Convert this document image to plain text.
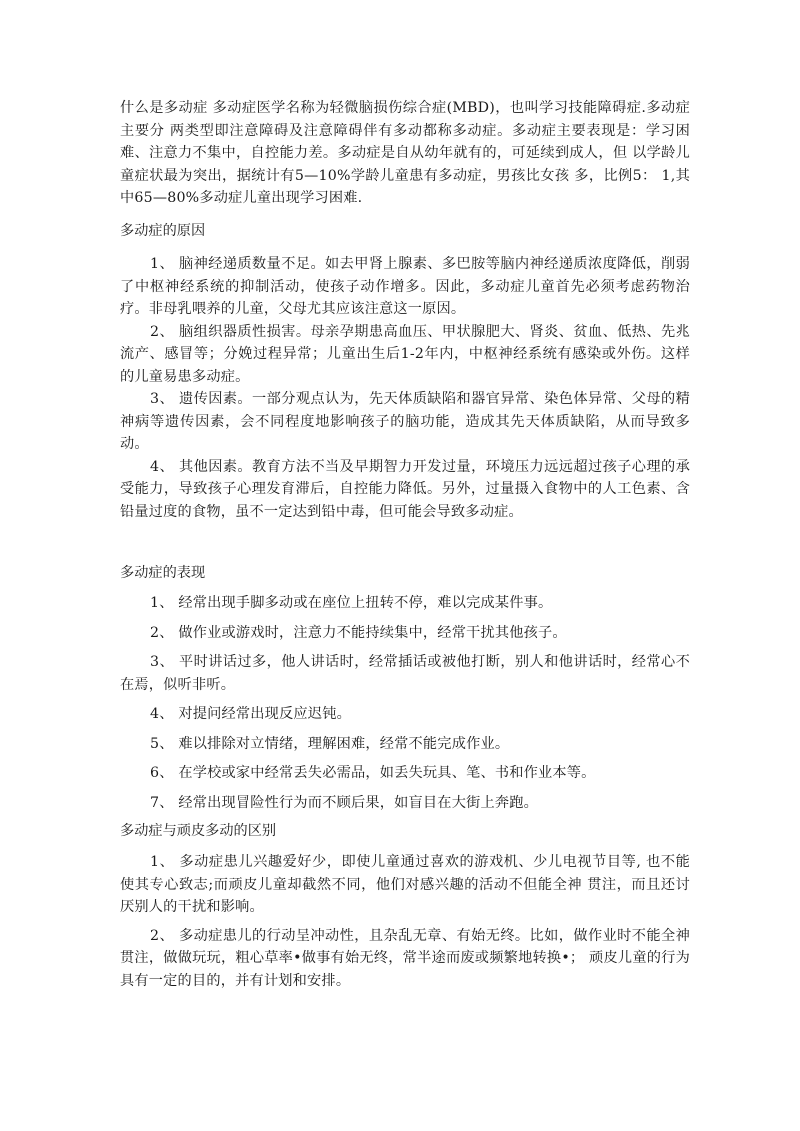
什么是多动症 多动症医学名称为轻微脑损伤综合症(MBD)，也叫学习技能障碍症.多动症主要分 两类型即注意障碍及注意障碍伴有多动都称多动症。多动症主要表现是：学习困 难、注意力不集中，自控能力差。多动症是自从幼年就有的，可延续到成人，但 以学龄儿童症状最为突出，据统计有5—10%学龄儿童患有多动症，男孩比女孩 多，比例5： 1,其中65—80%多动症儿童出现学习困难.

多动症的原因

1、 脑神经递质数量不足。如去甲肾上腺素、多巴胺等脑内神经递质浓度降低，削弱了中枢神经系统的抑制活动，使孩子动作增多。因此，多动症儿童首先必须考虑药物治疗。非母乳喂养的儿童，父母尤其应该注意这一原因。

2、 脑组织器质性损害。母亲孕期患高血压、甲状腺肥大、肾炎、贫血、低热、先兆流产、感冒等；分娩过程异常；儿童出生后1-2年内，中枢神经系统有感染或外伤。这样的儿童易患多动症。

3、 遗传因素。一部分观点认为，先天体质缺陷和器官异常、染色体异常、父母的精神病等遗传因素，会不同程度地影响孩子的脑功能，造成其先天体质缺陷，从而导致多动。

4、 其他因素。教育方法不当及早期智力开发过量，环境压力远远超过孩子心理的承受能力，导致孩子心理发育滞后，自控能力降低。另外，过量摄入食物中的人工色素、含铅量过度的食物，虽不一定达到铅中毒，但可能会导致多动症。

多动症的表现

1、 经常出现手脚多动或在座位上扭转不停，难以完成某件事。

2、 做作业或游戏时，注意力不能持续集中，经常干扰其他孩子。

3、 平时讲话过多，他人讲话时，经常插话或被他打断，别人和他讲话时，经常心不在焉，似听非听。

4、 对提问经常出现反应迟钝。

5、 难以排除对立情绪，理解困难，经常不能完成作业。

6、 在学校或家中经常丢失必需品，如丢失玩具、笔、书和作业本等。

7、 经常出现冒险性行为而不顾后果，如盲目在大街上奔跑。

多动症与顽皮多动的区别

1、 多动症患儿兴趣爱好少，即使儿童通过喜欢的游戏机、少儿电视节目等, 也不能使其专心致志;而顽皮儿童却截然不同，他们对感兴趣的活动不但能全神 贯注，而且还讨厌别人的干扰和影响。

2、 多动症患儿的行动呈冲动性，且杂乱无章、有始无终。比如，做作业时不能全神贯注，做做玩玩，粗心草率•做事有始无终，常半途而废或频繁地转换•； 顽皮儿童的行为具有一定的目的，并有计划和安排。
